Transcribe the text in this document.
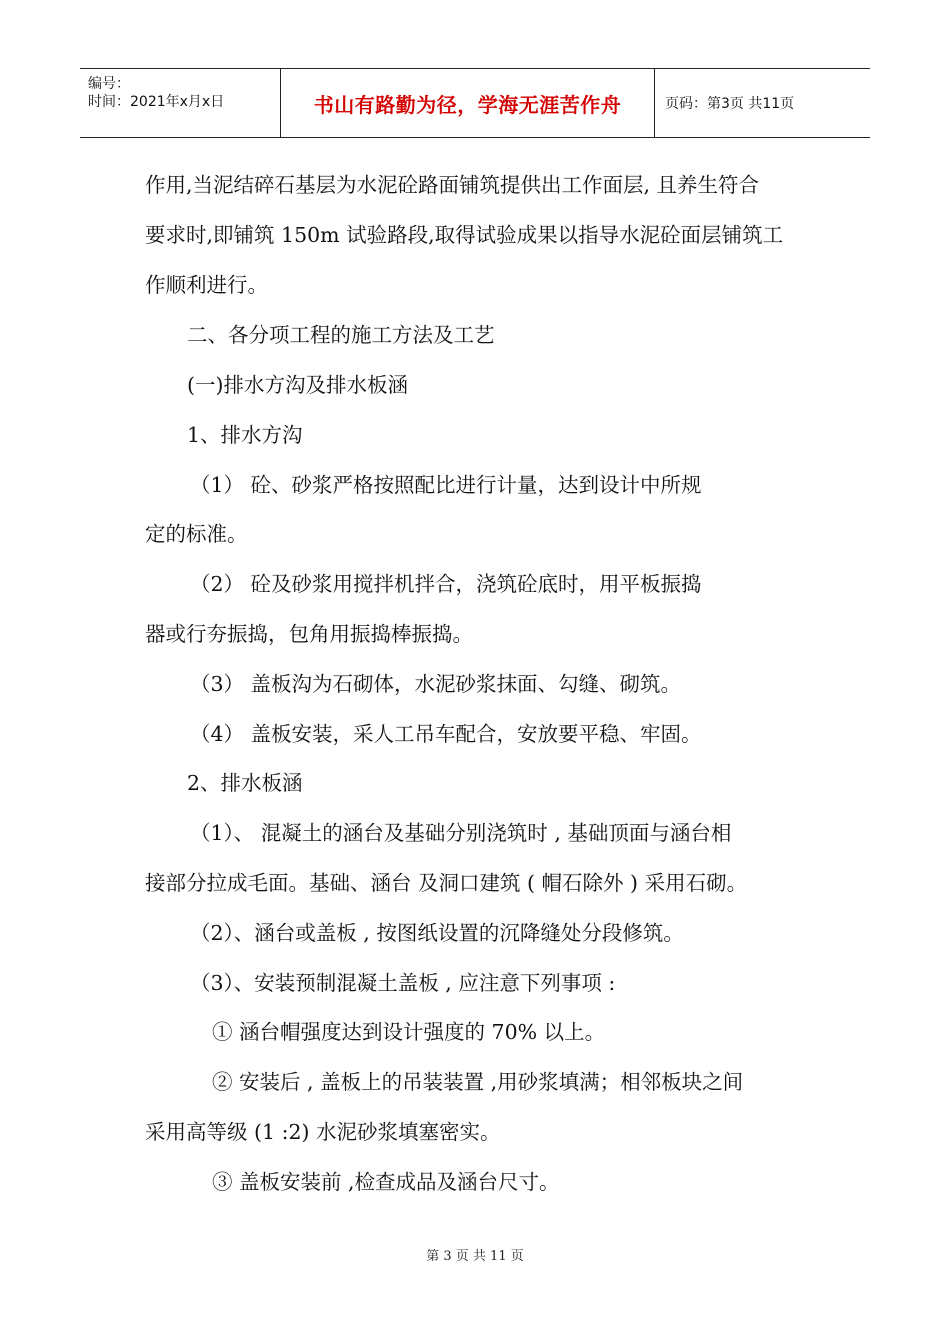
编号：
时间：2021年x月x日	书山有路勤为径，学海无涯苦作舟	页码：第3页 共11页
作用,当泥结碎石基层为水泥砼路面铺筑提供出工作面层, 且养生符合
要求时,即铺筑 150m 试验路段,取得试验成果以指导水泥砼面层铺筑工
作顺利进行。
二、各分项工程的施工方法及工艺
(一)排水方沟及排水板涵
1、排水方沟
（1） 砼、砂浆严格按照配比进行计量，达到设计中所规
定的标准。
（2） 砼及砂浆用搅拌机拌合，浇筑砼底时，用平板振捣
器或行夯振捣，包角用振捣棒振捣。
（3） 盖板沟为石砌体，水泥砂浆抹面、勾缝、砌筑。
（4） 盖板安装，采人工吊车配合，安放要平稳、牢固。
2、排水板涵
（1）、 混凝土的涵台及基础分别浇筑时 , 基础顶面与涵台相
接部分拉成毛面。基础、涵台 及洞口建筑 ( 帽石除外 ) 采用石砌。
（2）、涵台或盖板 , 按图纸设置的沉降缝处分段修筑。
（3）、安装预制混凝土盖板 , 应注意下列事项 :
① 涵台帽强度达到设计强度的 70% 以上。
② 安装后 , 盖板上的吊装装置 ,用砂浆填满；相邻板块之间
采用高等级 (1 :2) 水泥砂浆填塞密实。
③ 盖板安装前 ,检查成品及涵台尺寸。
第 3 页 共 11 页
